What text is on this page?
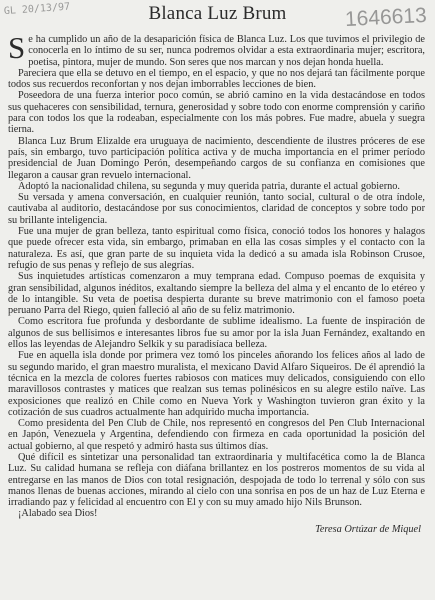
GL 20/13/97	Blanca Luz Brum	1646613

Se ha cumplido un año de la desaparición física de Blanca Luz. Los que tuvimos el privilegio de conocerla en lo íntimo de su ser, nunca podremos olvidar a esta extraordinaria mujer; escritora, poetisa, pintora, mujer de mundo. Son seres que nos marcan y nos dejan honda huella.

Pareciera que ella se detuvo en el tiempo, en el espacio, y que no nos dejará tan fácilmente porque todos sus recuerdos reconfortan y nos dejan imborrables lecciones de bien.

Poseedora de una fuerza interior poco común, se abrió camino en la vida destacándose en todos sus quehaceres con sensibilidad, ternura, generosidad y sobre todo con enorme comprensión y cariño para con todos los que la rodeaban, especialmente con los más pobres. Fue madre, abuela y suegra tierna.

Blanca Luz Brum Elizalde era uruguaya de nacimiento, descendiente de ilustres próceres de ese país, sin embargo, tuvo participación política activa y de mucha importancia en el primer período presidencial de Juan Domingo Perón, desempeñando cargos de su confianza en comisiones que llegaron a causar gran revuelo internacional.

Adoptó la nacionalidad chilena, su segunda y muy querida patria, durante el actual gobierno.

Su versada y amena conversación, en cualquier reunión, tanto social, cultural o de otra índole, cautivaba al auditorio, destacándose por sus conocimientos, claridad de conceptos y sobre todo por su brillante inteligencia.

Fue una mujer de gran belleza, tanto espiritual como física, conoció todos los honores y halagos que puede ofrecer esta vida, sin embargo, primaban en ella las cosas simples y el contacto con la naturaleza. Es así, que gran parte de su inquieta vida la dedicó a su amada isla Robinson Crusoe, refugio de sus penas y reflejo de sus alegrías.

Sus inquietudes artísticas comenzaron a muy temprana edad. Compuso poemas de exquisita y gran sensibilidad, algunos inéditos, exaltando siempre la belleza del alma y el encanto de lo etéreo y de lo intangible. Su veta de poetisa despierta durante su breve matrimonio con el famoso poeta peruano Parra del Riego, quien falleció al año de su feliz matrimonio.

Como escritora fue profunda y desbordante de sublime idealismo. La fuente de inspiración de algunos de sus bellísimos e interesantes libros fue su amor por la isla Juan Fernández, exaltando en ellos las leyendas de Alejandro Selkik y su paradisíaca belleza.

Fue en aquella isla donde por primera vez tomó los pinceles añorando los felices años al lado de su segundo marido, el gran maestro muralista, el mexicano David Alfaro Siqueiros. De él aprendió la técnica en la mezcla de colores fuertes rabiosos con matices muy delicados, consiguiendo con ello maravillosos contrastes y matices que realzan sus temas polinésicos en su alegre estilo naïve. Las exposiciones que realizó en Chile como en Nueva York y Washington tuvieron gran éxito y la cotización de sus cuadros actualmente han adquirido mucha importancia.

Como presidenta del Pen Club de Chile, nos representó en congresos del Pen Club Internacional en Japón, Venezuela y Argentina, defendiendo con firmeza en cada oportunidad la posición del actual gobierno, al que respetó y admiró hasta sus últimos días.

Qué difícil es sintetizar una personalidad tan extraordinaria y multifacética como la de Blanca Luz. Su calidad humana se refleja con diáfana brillantez en los postreros momentos de su vida al entregarse en las manos de Dios con total resignación, despojada de todo lo terrenal y sólo con sus manos llenas de buenas acciones, mirando al cielo con una sonrisa en pos de un haz de Luz Eterna e irradiando paz y felicidad al encuentro con El y con su muy amado hijo Nils Brunson.

¡Alabado sea Dios!

Teresa Ortúzar de Miquel
